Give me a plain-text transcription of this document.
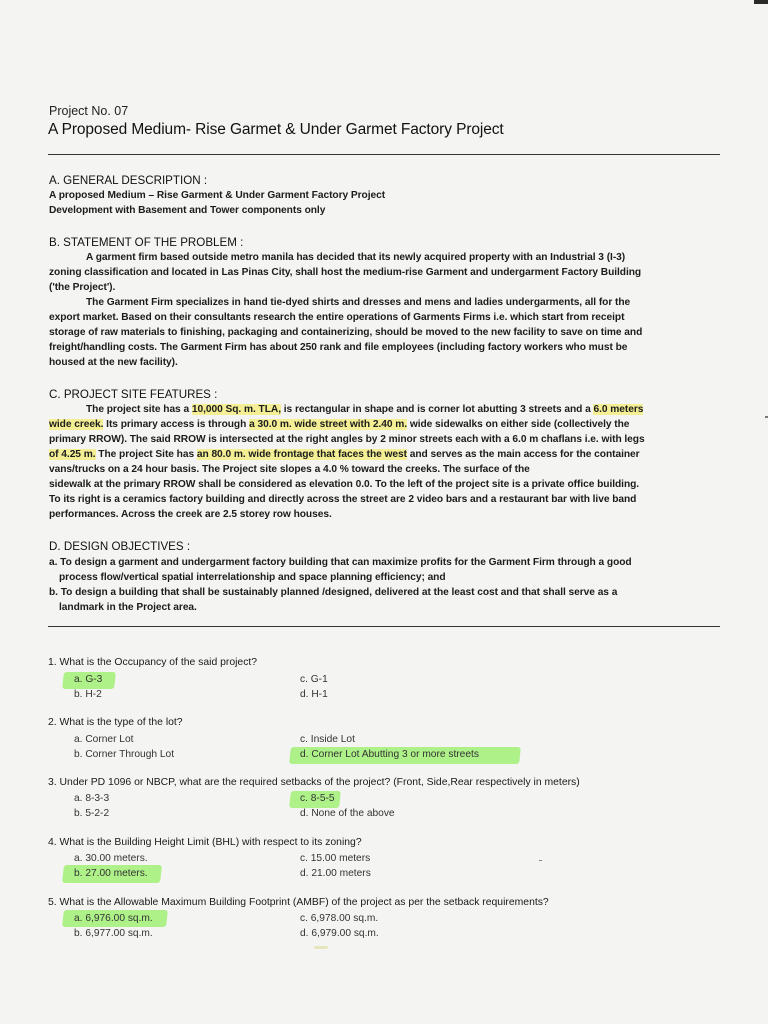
Project No. 07
A Proposed Medium- Rise Garmet & Under Garmet Factory Project
A. GENERAL DESCRIPTION :
A proposed Medium – Rise Garment & Under Garment Factory Project
Development with Basement and Tower components only
B. STATEMENT OF THE PROBLEM :
A garment firm based outside metro manila has decided that its newly acquired property with an Industrial 3 (I-3)
zoning classification and located in Las Pinas City, shall host the medium-rise Garment and undergarment Factory Building
('the Project').
The Garment Firm specializes in hand tie-dyed shirts and dresses and mens and ladies undergarments, all for the
export market. Based on their consultants research the entire operations of Garments Firms i.e. which start from receipt
storage of raw materials to finishing, packaging and containerizing, should be moved to the new facility to save on time and
freight/handling costs. The Garment Firm has about 250 rank and file employees (including factory workers who must be
housed at the new facility).
C. PROJECT SITE FEATURES :
The project site has a 10,000 Sq. m. TLA, is rectangular in shape and is corner lot abutting 3 streets and a 6.0 meters
wide creek. Its primary access is through a 30.0 m. wide street with 2.40 m. wide sidewalks on either side (collectively the
primary RROW). The said RROW is intersected at the right angles by 2 minor streets each with a 6.0 m chaflans i.e. with legs
of 4.25 m. The project Site has an 80.0 m. wide frontage that faces the west and serves as the main access for the container
vans/trucks on a 24 hour basis. The Project site slopes a 4.0 % toward the creeks. The surface of the
sidewalk at the primary RROW shall be considered as elevation 0.0. To the left of the project site is a private office building.
To its right is a ceramics factory building and directly across the street are 2 video bars and a restaurant bar with live band
performances. Across the creek are 2.5 storey row houses.
D. DESIGN OBJECTIVES :
a. To design a garment and undergarment factory building that can maximize profits for the Garment Firm through a good
process flow/vertical spatial interrelationship and space planning efficiency; and
b. To design a building that shall be sustainably planned /designed, delivered at the least cost and that shall serve as a
landmark in the Project area.
1. What is the Occupancy of the said project?
a. G-3
b. H-2
c. G-1
d. H-1
2. What is the type of the lot?
a. Corner Lot
b. Corner Through Lot
c. Inside Lot
d. Corner Lot Abutting 3 or more streets
3. Under PD 1096 or NBCP, what are the required setbacks of the project? (Front, Side,Rear respectively in meters)
a. 8-3-3
b. 5-2-2
c. 8-5-5
d. None of the above
4. What is the Building Height Limit (BHL) with respect to its zoning?
a. 30.00 meters.
b. 27.00 meters.
c. 15.00 meters
d. 21.00 meters
5. What is the Allowable Maximum Building Footprint (AMBF) of the project as per the setback requirements?
a. 6,976.00 sq.m.
b. 6,977.00 sq.m.
c. 6,978.00 sq.m.
d. 6,979.00 sq.m.
